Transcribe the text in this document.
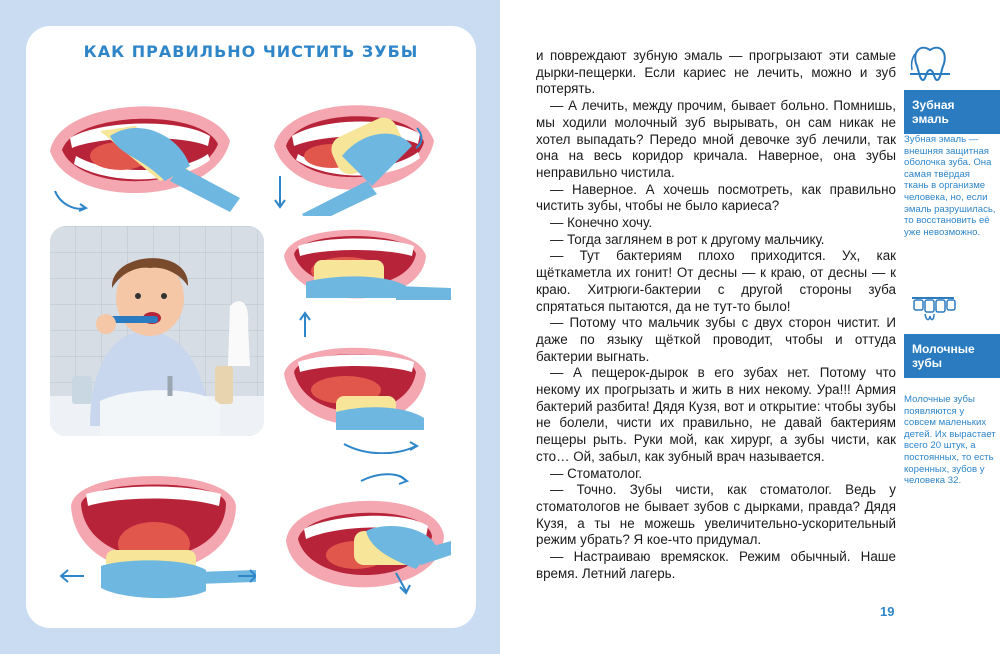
КАК ПРАВИЛЬНО ЧИСТИТЬ ЗУБЫ	и повреждают зубную эмаль — прогрызают эти самые дырки-пещерки. Если кариес не лечить, можно и зуб потерять.

— А лечить, между прочим, бывает больно. Помнишь, мы ходили молочный зуб вырывать, он сам никак не хотел выпадать? Передо мной девочке зуб лечили, так она на весь коридор кричала. Наверное, она зубы неправильно чистила.

— Наверное. А хочешь посмотреть, как правильно чистить зубы, чтобы не было кариеса?

— Конечно хочу.

— Тогда заглянем в рот к другому мальчику.

— Тут бактериям плохо приходится. Ух, как щёткаметла их гонит! От десны — к краю, от десны — к краю. Хитрюги-бактерии с другой стороны зуба спрятаться пытаются, да не тут-то было!

— Потому что мальчик зубы с двух сторон чистит. И даже по языку щёткой проводит, чтобы и оттуда бактерии выгнать.

— А пещерок-дырок в его зубах нет. Потому что некому их прогрызать и жить в них некому. Ура!!! Армия бактерий разбита! Дядя Кузя, вот и открытие: чтобы зубы не болели, чисти их правильно, не давай бактериям пещеры рыть. Руки мой, как хирург, а зубы чисти, как сто… Ой, забыл, как зубный врач называется.

— Стоматолог.

— Точно. Зубы чисти, как стоматолог. Ведь у стоматологов не бывает зубов с дырками, правда? Дядя Кузя, а ты не можешь увеличительно-ускорительный режим убрать? Я кое-что придумал.

— Настраиваю времяскок. Режим обычный. Наше время. Летний лагерь.

19
Зубная эмаль
Зубная эмаль — внешняя защитная оболочка зуба. Она самая твёрдая ткань в организме человека, но, если эмаль разрушилась, то восстановить её уже невозможно.
Молочные зубы
Молочные зубы появляются у совсем маленьких детей. Их вырастает всего 20 штук, а постоянных, то есть коренных, зубов у человека 32.
